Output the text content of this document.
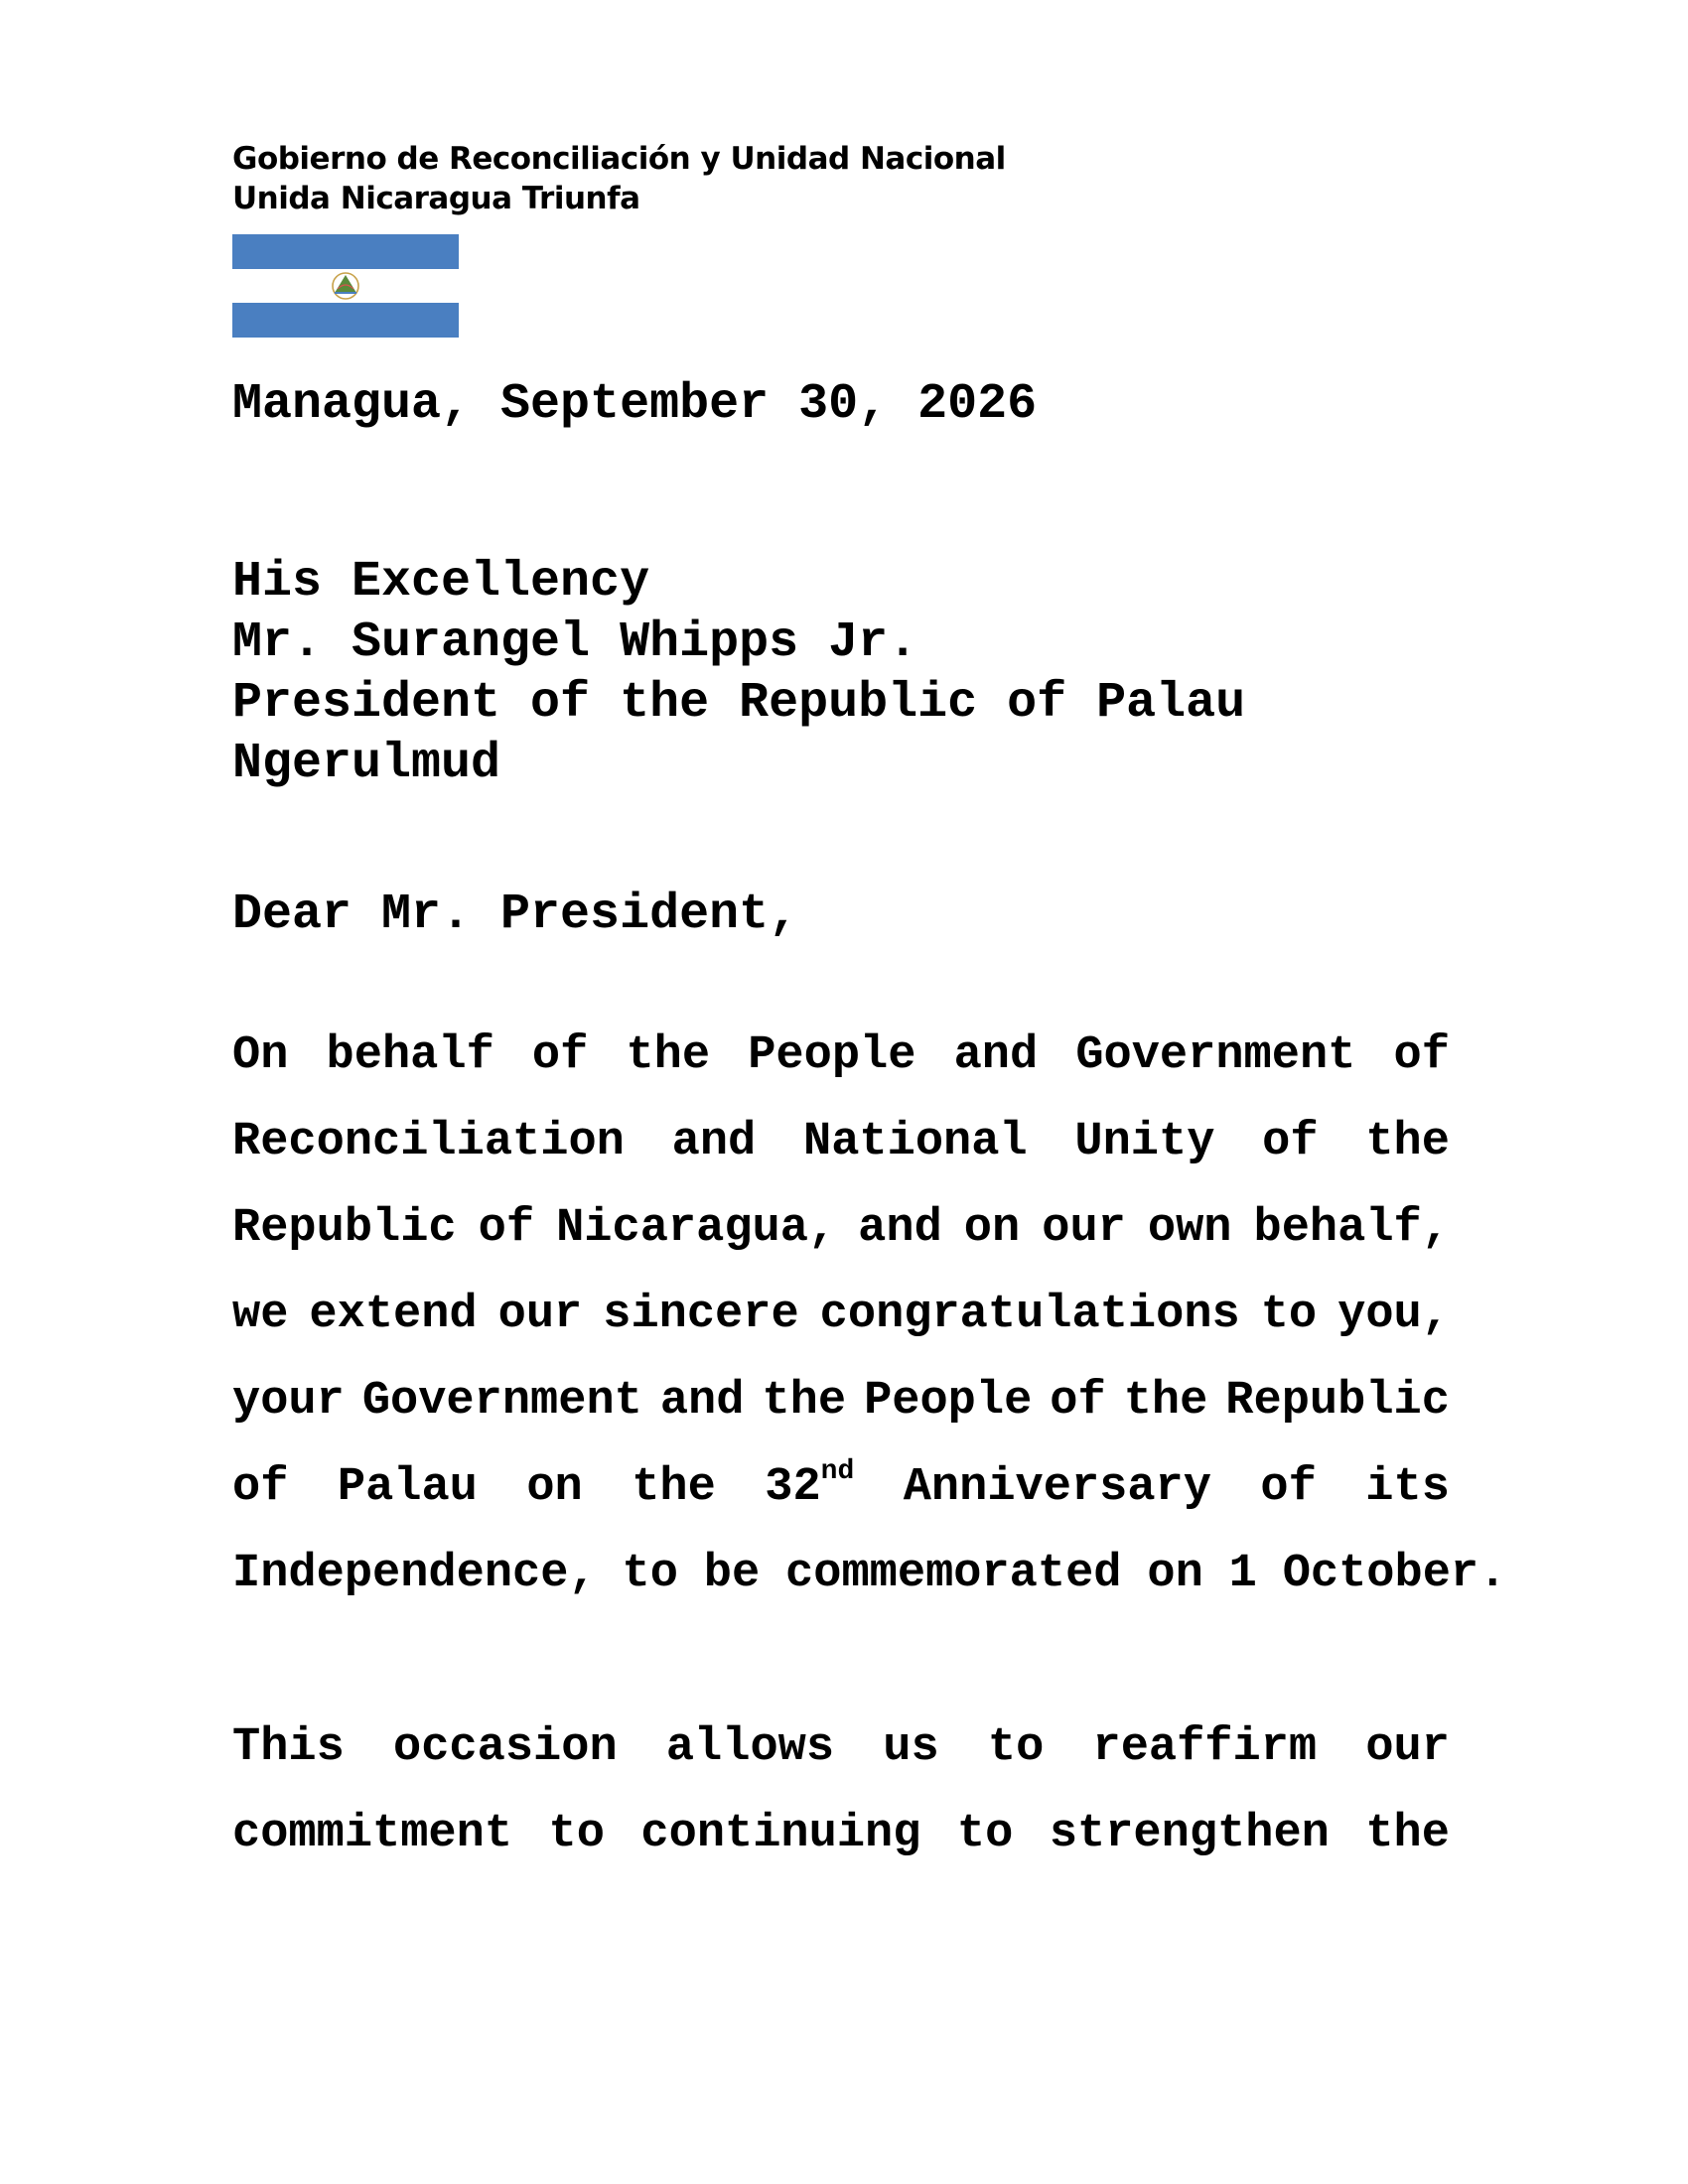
Gobierno de Reconciliación y Unidad Nacional
Unida Nicaragua Triunfa
Managua, September 30, 2026
His Excellency
Mr. Surangel Whipps Jr.
President of the Republic of Palau
Ngerulmud
Dear Mr. President,
On behalf of the People and Government of
Reconciliation and National Unity of the
Republic of Nicaragua, and on our own behalf,
we extend our sincere congratulations to you,
your Government and the People of the Republic
of Palau on the 32nd Anniversary of its
Independence, to be commemorated on 1 October.
This occasion allows us to reaffirm our
commitment to continuing to strengthen the
